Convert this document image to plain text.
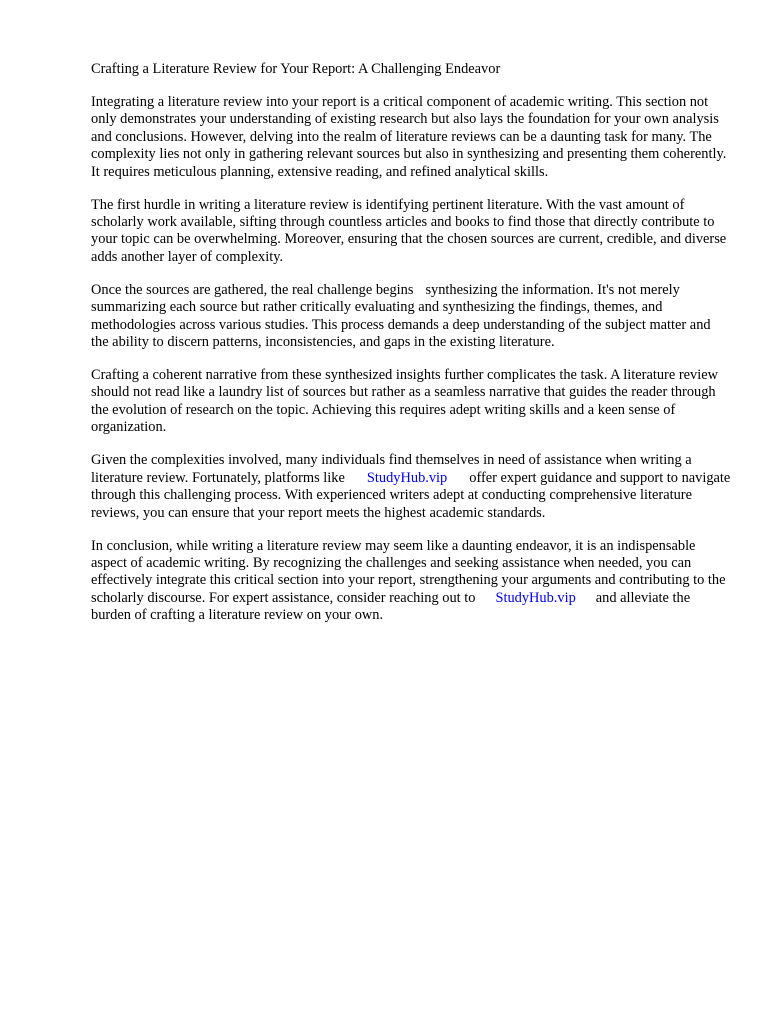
Crafting a Literature Review for Your Report: A Challenging Endeavor

Integrating a literature review into your report is a critical component of academic writing. This section not only demonstrates your understanding of existing research but also lays the foundation for your own analysis and conclusions. However, delving into the realm of literature reviews can be a daunting task for many. The complexity lies not only in gathering relevant sources but also in synthesizing and presenting them coherently. It requires meticulous planning, extensive reading, and refined analytical skills.

The first hurdle in writing a literature review is identifying pertinent literature. With the vast amount of scholarly work available, sifting through countless articles and books to find those that directly contribute to your topic can be overwhelming. Moreover, ensuring that the chosen sources are current, credible, and diverse adds another layer of complexity.

Once the sources are gathered, the real challenge begins synthesizing the information. It's not merely summarizing each source but rather critically evaluating and synthesizing the findings, themes, and methodologies across various studies. This process demands a deep understanding of the subject matter and the ability to discern patterns, inconsistencies, and gaps in the existing literature.

Crafting a coherent narrative from these synthesized insights further complicates the task. A literature review should not read like a laundry list of sources but rather as a seamless narrative that guides the reader through the evolution of research on the topic. Achieving this requires adept writing skills and a keen sense of organization.

Given the complexities involved, many individuals find themselves in need of assistance when writing a literature review. Fortunately, platforms like StudyHub.vip offer expert guidance and support to navigate through this challenging process. With experienced writers adept at conducting comprehensive literature reviews, you can ensure that your report meets the highest academic standards.

In conclusion, while writing a literature review may seem like a daunting endeavor, it is an indispensable aspect of academic writing. By recognizing the challenges and seeking assistance when needed, you can effectively integrate this critical section into your report, strengthening your arguments and contributing to the scholarly discourse. For expert assistance, consider reaching out to StudyHub.vip and alleviate the burden of crafting a literature review on your own.
